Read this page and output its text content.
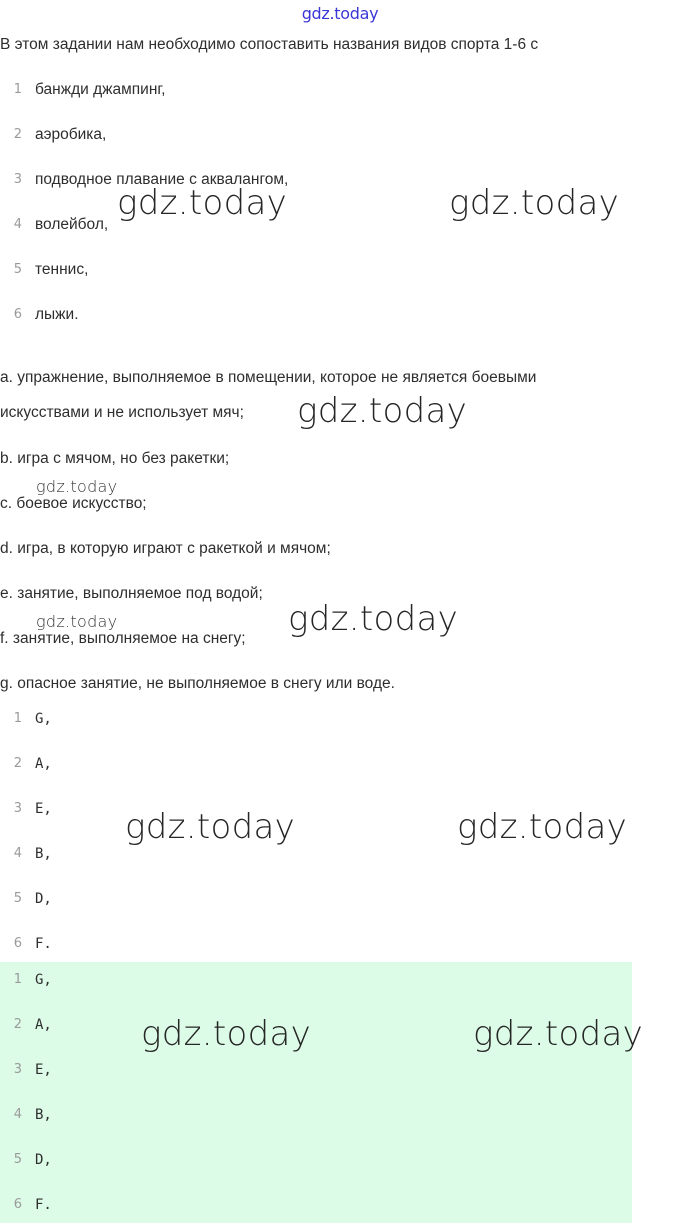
gdz.today
В этом задании нам необходимо сопоставить названия видов спорта 1-6 с
1 банжди джампинг,
2 аэробика,
3 подводное плавание с аквалангом,
4 волейбол,
5 теннис,
6 лыжи.
a. упражнение, выполняемое в помещении, которое не является боевыми
искусствами и не использует мяч;
b. игра с мячом, но без ракетки;
c. боевое искусство;
d. игра, в которую играют с ракеткой и мячом;
e. занятие, выполняемое под водой;
f. занятие, выполняемое на снегу;
g. опасное занятие, не выполняемое в снегу или воде.
1 G,
2 A,
3 E,
4 B,
5 D,
6 F.
1 G,
2 A,
3 E,
4 B,
5 D,
6 F.
gdz.today	gdz.today
gdz.today
gdz.today
gdz.today	gdz.today
gdz.today	gdz.today
gdz.today	gdz.today
